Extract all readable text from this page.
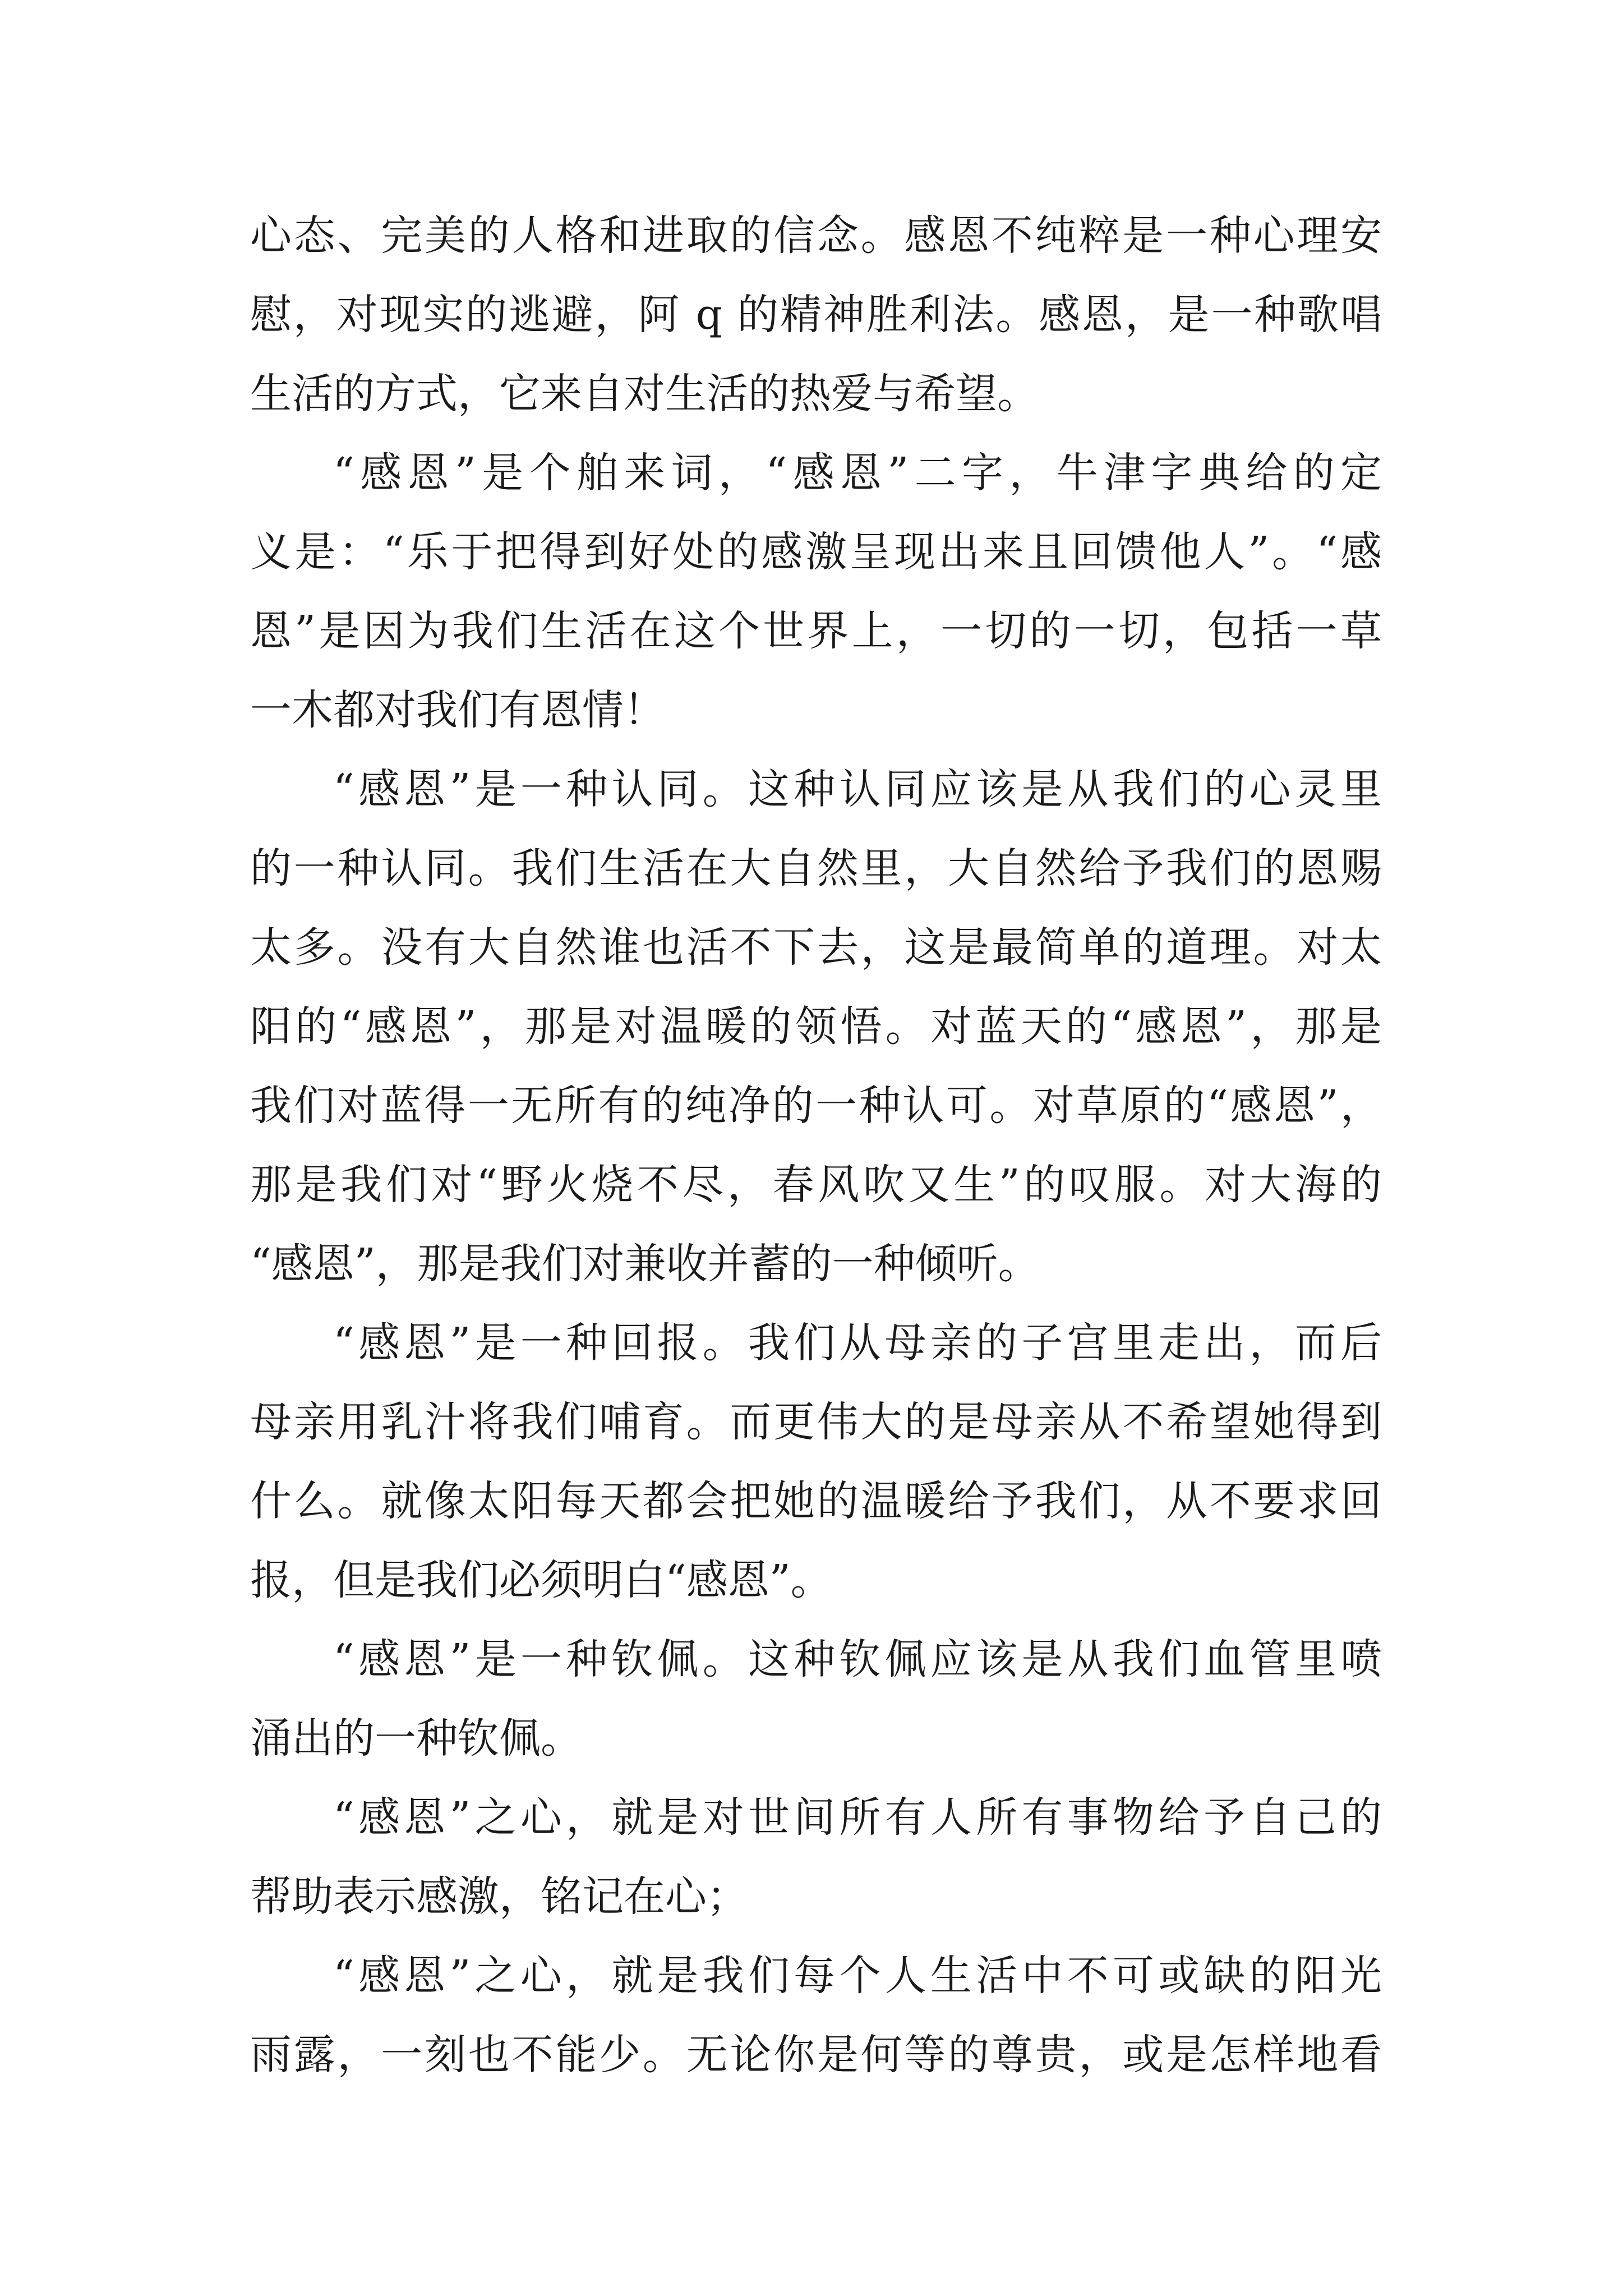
心态、完美的人格和进取的信念。感恩不纯粹是一种心理安
慰，对现实的逃避，阿 q 的精神胜利法。感恩，是一种歌唱
生活的方式，它来自对生活的热爱与希望。
“感恩”是个舶来词，“感恩”二字，牛津字典给的定
义是：“乐于把得到好处的感激呈现出来且回馈他人”。“感
恩”是因为我们生活在这个世界上，一切的一切，包括一草
一木都对我们有恩情！
“感恩”是一种认同。这种认同应该是从我们的心灵里
的一种认同。我们生活在大自然里，大自然给予我们的恩赐
太多。没有大自然谁也活不下去，这是最简单的道理。对太
阳的“感恩”，那是对温暖的领悟。对蓝天的“感恩”，那是
我们对蓝得一无所有的纯净的一种认可。对草原的“感恩”，
那是我们对“野火烧不尽，春风吹又生”的叹服。对大海的
“感恩”，那是我们对兼收并蓄的一种倾听。
“感恩”是一种回报。我们从母亲的子宫里走出，而后
母亲用乳汁将我们哺育。而更伟大的是母亲从不希望她得到
什么。就像太阳每天都会把她的温暖给予我们，从不要求回
报，但是我们必须明白“感恩”。
“感恩”是一种钦佩。这种钦佩应该是从我们血管里喷
涌出的一种钦佩。
“感恩”之心，就是对世间所有人所有事物给予自己的
帮助表示感激，铭记在心；
“感恩”之心，就是我们每个人生活中不可或缺的阳光
雨露，一刻也不能少。无论你是何等的尊贵，或是怎样地看
